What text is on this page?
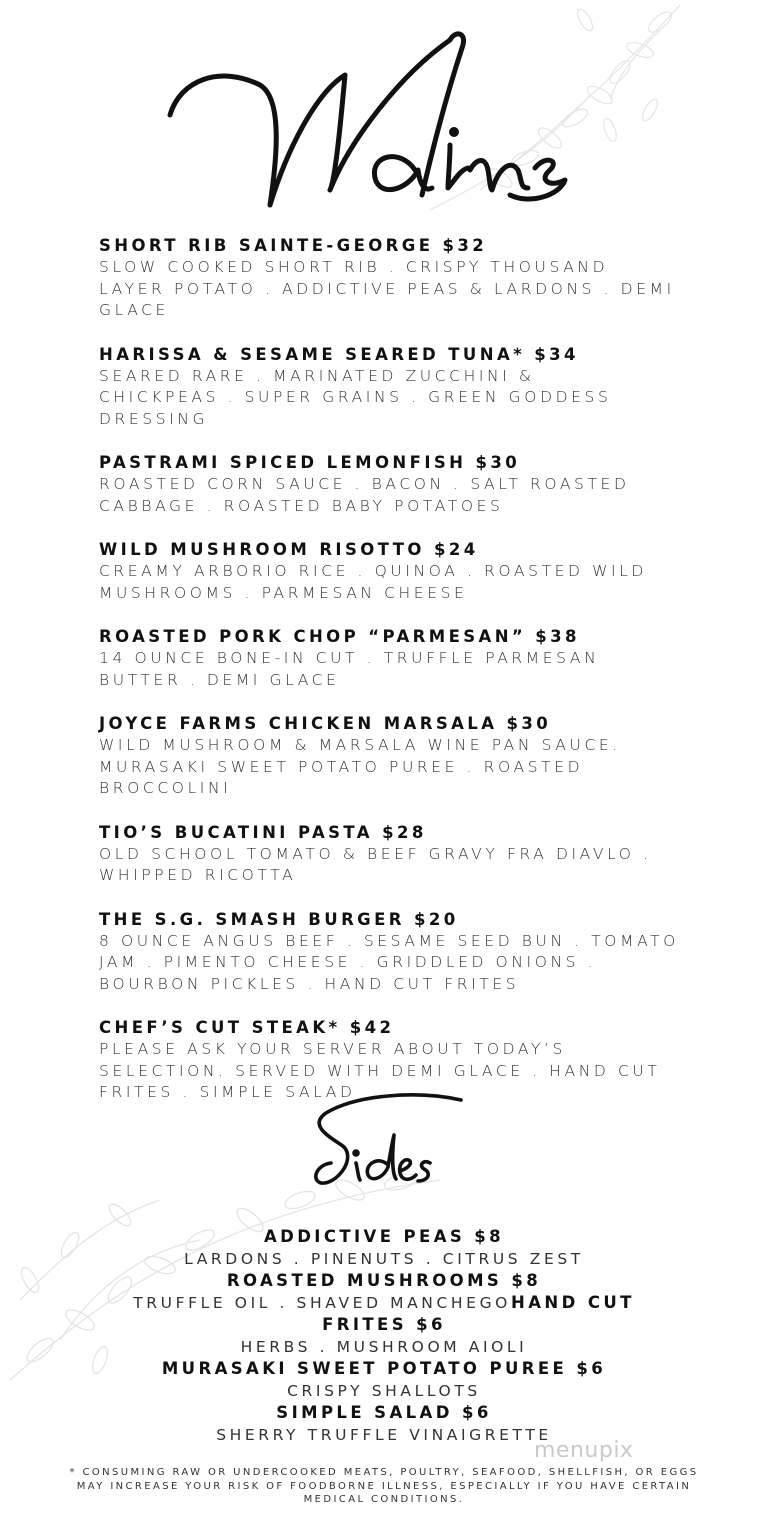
SHORT RIB SAINTE-GEORGE $32
SLOW COOKED SHORT RIB . CRISPY THOUSAND
LAYER POTATO . ADDICTIVE PEAS & LARDONS . DEMI
GLACE
HARISSA & SESAME SEARED TUNA* $34
SEARED RARE . MARINATED ZUCCHINI &
CHICKPEAS . SUPER GRAINS . GREEN GODDESS
DRESSING
PASTRAMI SPICED LEMONFISH $30
ROASTED CORN SAUCE . BACON . SALT ROASTED
CABBAGE . ROASTED BABY POTATOES
WILD MUSHROOM RISOTTO $24
CREAMY ARBORIO RICE . QUINOA . ROASTED WILD
MUSHROOMS . PARMESAN CHEESE
ROASTED PORK CHOP “PARMESAN” $38
14 OUNCE BONE-IN CUT . TRUFFLE PARMESAN
BUTTER . DEMI GLACE
JOYCE FARMS CHICKEN MARSALA $30
WILD MUSHROOM & MARSALA WINE PAN SAUCE.
MURASAKI SWEET POTATO PUREE . ROASTED
BROCCOLINI
TIO’S BUCATINI PASTA $28
OLD SCHOOL TOMATO & BEEF GRAVY FRA DIAVLO .
WHIPPED RICOTTA
THE S.G. SMASH BURGER $20
8 OUNCE ANGUS BEEF . SESAME SEED BUN . TOMATO
JAM . PIMENTO CHEESE . GRIDDLED ONIONS .
BOURBON PICKLES . HAND CUT FRITES
CHEF’S CUT STEAK* $42
PLEASE ASK YOUR SERVER ABOUT TODAY’S
SELECTION. SERVED WITH DEMI GLACE . HAND CUT
FRITES . SIMPLE SALAD
ADDICTIVE PEAS $8
LARDONS . PINENUTS . CITRUS ZEST
ROASTED MUSHROOMS $8
TRUFFLE OIL . SHAVED MANCHEGOHAND CUT
FRITES $6
HERBS . MUSHROOM AIOLI
MURASAKI SWEET POTATO PUREE $6
CRISPY SHALLOTS
SIMPLE SALAD $6
SHERRY TRUFFLE VINAIGRETTE
menupix
* CONSUMING RAW OR UNDERCOOKED MEATS, POULTRY, SEAFOOD, SHELLFISH, OR EGGS MAY INCREASE YOUR RISK OF FOODBORNE ILLNESS, ESPECIALLY IF YOU HAVE CERTAIN MEDICAL CONDITIONS.
